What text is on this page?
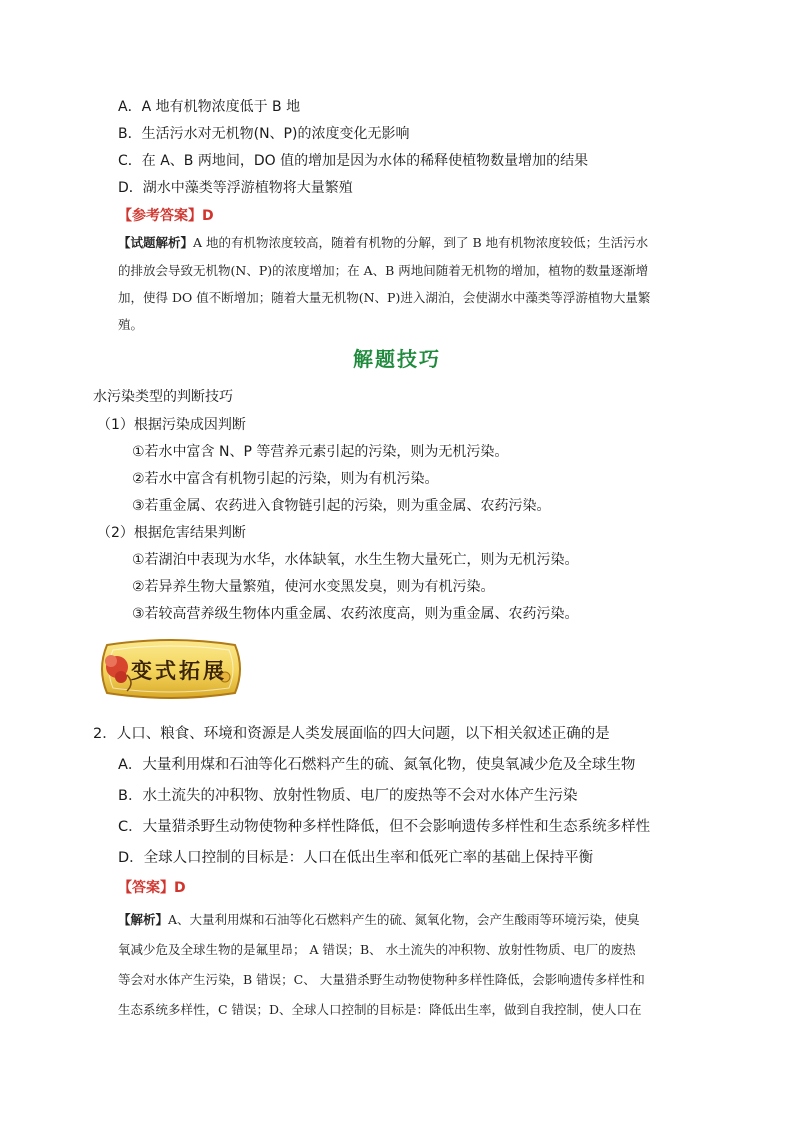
A．A 地有机物浓度低于 B 地
B．生活污水对无机物(N、P)的浓度变化无影响
C．在 A、B 两地间，DO 值的增加是因为水体的稀释使植物数量增加的结果
D．湖水中藻类等浮游植物将大量繁殖
【参考答案】D
【试题解析】A 地的有机物浓度较高，随着有机物的分解，到了 B 地有机物浓度较低；生活污水
的排放会导致无机物(N、P)的浓度增加；在 A、B 两地间随着无机物的增加，植物的数量逐渐增
加，使得 DO 值不断增加；随着大量无机物(N、P)进入湖泊，会使湖水中藻类等浮游植物大量繁
殖。
解题技巧
水污染类型的判断技巧
（1）根据污染成因判断
①若水中富含 N、P 等营养元素引起的污染，则为无机污染。
②若水中富含有机物引起的污染，则为有机污染。
③若重金属、农药进入食物链引起的污染，则为重金属、农药污染。
（2）根据危害结果判断
①若湖泊中表现为水华，水体缺氧，水生生物大量死亡，则为无机污染。
②若异养生物大量繁殖，使河水变黑发臭，则为有机污染。
③若较高营养级生物体内重金属、农药浓度高，则为重金属、农药污染。
变式拓展
2．人口、粮食、环境和资源是人类发展面临的四大问题，以下相关叙述正确的是
A．大量利用煤和石油等化石燃料产生的硫、氮氧化物，使臭氧减少危及全球生物
B．水土流失的冲积物、放射性物质、电厂的废热等不会对水体产生污染
C．大量猎杀野生动物使物种多样性降低，但不会影响遗传多样性和生态系统多样性
D．全球人口控制的目标是：人口在低出生率和低死亡率的基础上保持平衡
【答案】D
【解析】A、大量利用煤和石油等化石燃料产生的硫、氮氧化物，会产生酸雨等环境污染，使臭
氧减少危及全球生物的是氟里昂； A 错误；B、 水土流失的冲积物、放射性物质、电厂的废热
等会对水体产生污染，B 错误；C、 大量猎杀野生动物使物种多样性降低，会影响遗传多样性和
生态系统多样性，C 错误；D、全球人口控制的目标是：降低出生率，做到自我控制，使人口在
